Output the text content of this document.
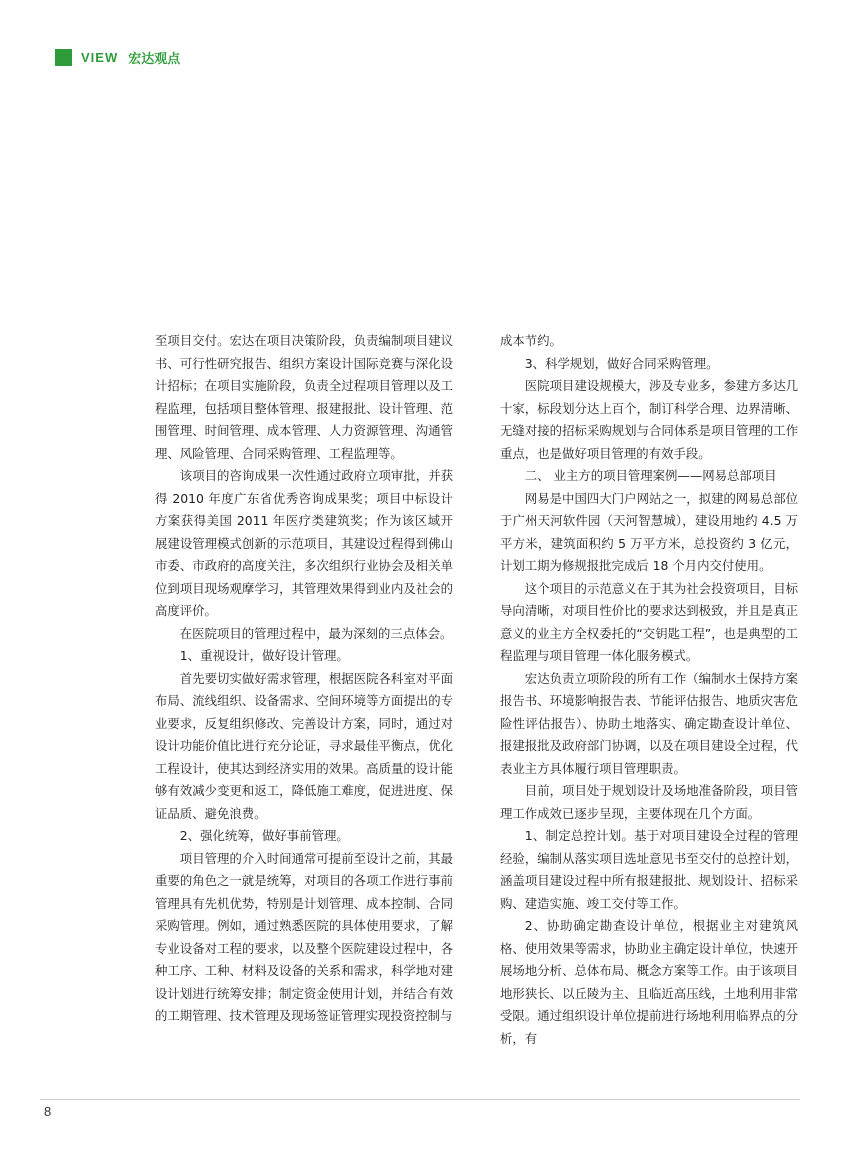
VIEW 宏达观点

至项目交付。宏达在项目决策阶段，负责编制项目建议书、可行性研究报告、组织方案设计国际竞赛与深化设计招标；在项目实施阶段，负责全过程项目管理以及工程监理，包括项目整体管理、报建报批、设计管理、范围管理、时间管理、成本管理、人力资源管理、沟通管理、风险管理、合同采购管理、工程监理等。

该项目的咨询成果一次性通过政府立项审批，并获得 2010 年度广东省优秀咨询成果奖；项目中标设计方案获得美国 2011 年医疗类建筑奖；作为该区域开展建设管理模式创新的示范项目，其建设过程得到佛山市委、市政府的高度关注，多次组织行业协会及相关单位到项目现场观摩学习，其管理效果得到业内及社会的高度评价。

在医院项目的管理过程中，最为深刻的三点体会。

1、重视设计，做好设计管理。

首先要切实做好需求管理，根据医院各科室对平面布局、流线组织、设备需求、空间环境等方面提出的专业要求，反复组织修改、完善设计方案，同时，通过对设计功能价值比进行充分论证，寻求最佳平衡点，优化工程设计，使其达到经济实用的效果。高质量的设计能够有效减少变更和返工，降低施工难度，促进进度、保证品质、避免浪费。

2、强化统筹，做好事前管理。

项目管理的介入时间通常可提前至设计之前，其最重要的角色之一就是统筹，对项目的各项工作进行事前管理具有先机优势，特别是计划管理、成本控制、合同采购管理。例如，通过熟悉医院的具体使用要求，了解专业设备对工程的要求，以及整个医院建设过程中，各种工序、工种、材料及设备的关系和需求，科学地对建设计划进行统筹安排；制定资金使用计划，并结合有效的工期管理、技术管理及现场签证管理实现投资控制与

成本节约。

3、科学规划，做好合同采购管理。

医院项目建设规模大，涉及专业多，参建方多达几十家，标段划分达上百个，制订科学合理、边界清晰、无缝对接的招标采购规划与合同体系是项目管理的工作重点，也是做好项目管理的有效手段。

二、 业主方的项目管理案例——网易总部项目

网易是中国四大门户网站之一，拟建的网易总部位于广州天河软件园（天河智慧城），建设用地约 4.5 万平方米，建筑面积约 5 万平方米，总投资约 3 亿元，计划工期为修规报批完成后 18 个月内交付使用。

这个项目的示范意义在于其为社会投资项目，目标导向清晰，对项目性价比的要求达到极致，并且是真正意义的业主方全权委托的“交钥匙工程”，也是典型的工程监理与项目管理一体化服务模式。

宏达负责立项阶段的所有工作（编制水土保持方案报告书、环境影响报告表、节能评估报告、地质灾害危险性评估报告）、协助土地落实、确定勘查设计单位、报建报批及政府部门协调，以及在项目建设全过程，代表业主方具体履行项目管理职责。

目前，项目处于规划设计及场地准备阶段，项目管理工作成效已逐步呈现，主要体现在几个方面。

1、制定总控计划。基于对项目建设全过程的管理经验，编制从落实项目选址意见书至交付的总控计划，涵盖项目建设过程中所有报建报批、规划设计、招标采购、建造实施、竣工交付等工作。

2、协助确定勘查设计单位，根据业主对建筑风格、使用效果等需求，协助业主确定设计单位，快速开展场地分析、总体布局、概念方案等工作。由于该项目地形狭长、以丘陵为主、且临近高压线，土地利用非常受限。通过组织设计单位提前进行场地利用临界点的分析，有

8
